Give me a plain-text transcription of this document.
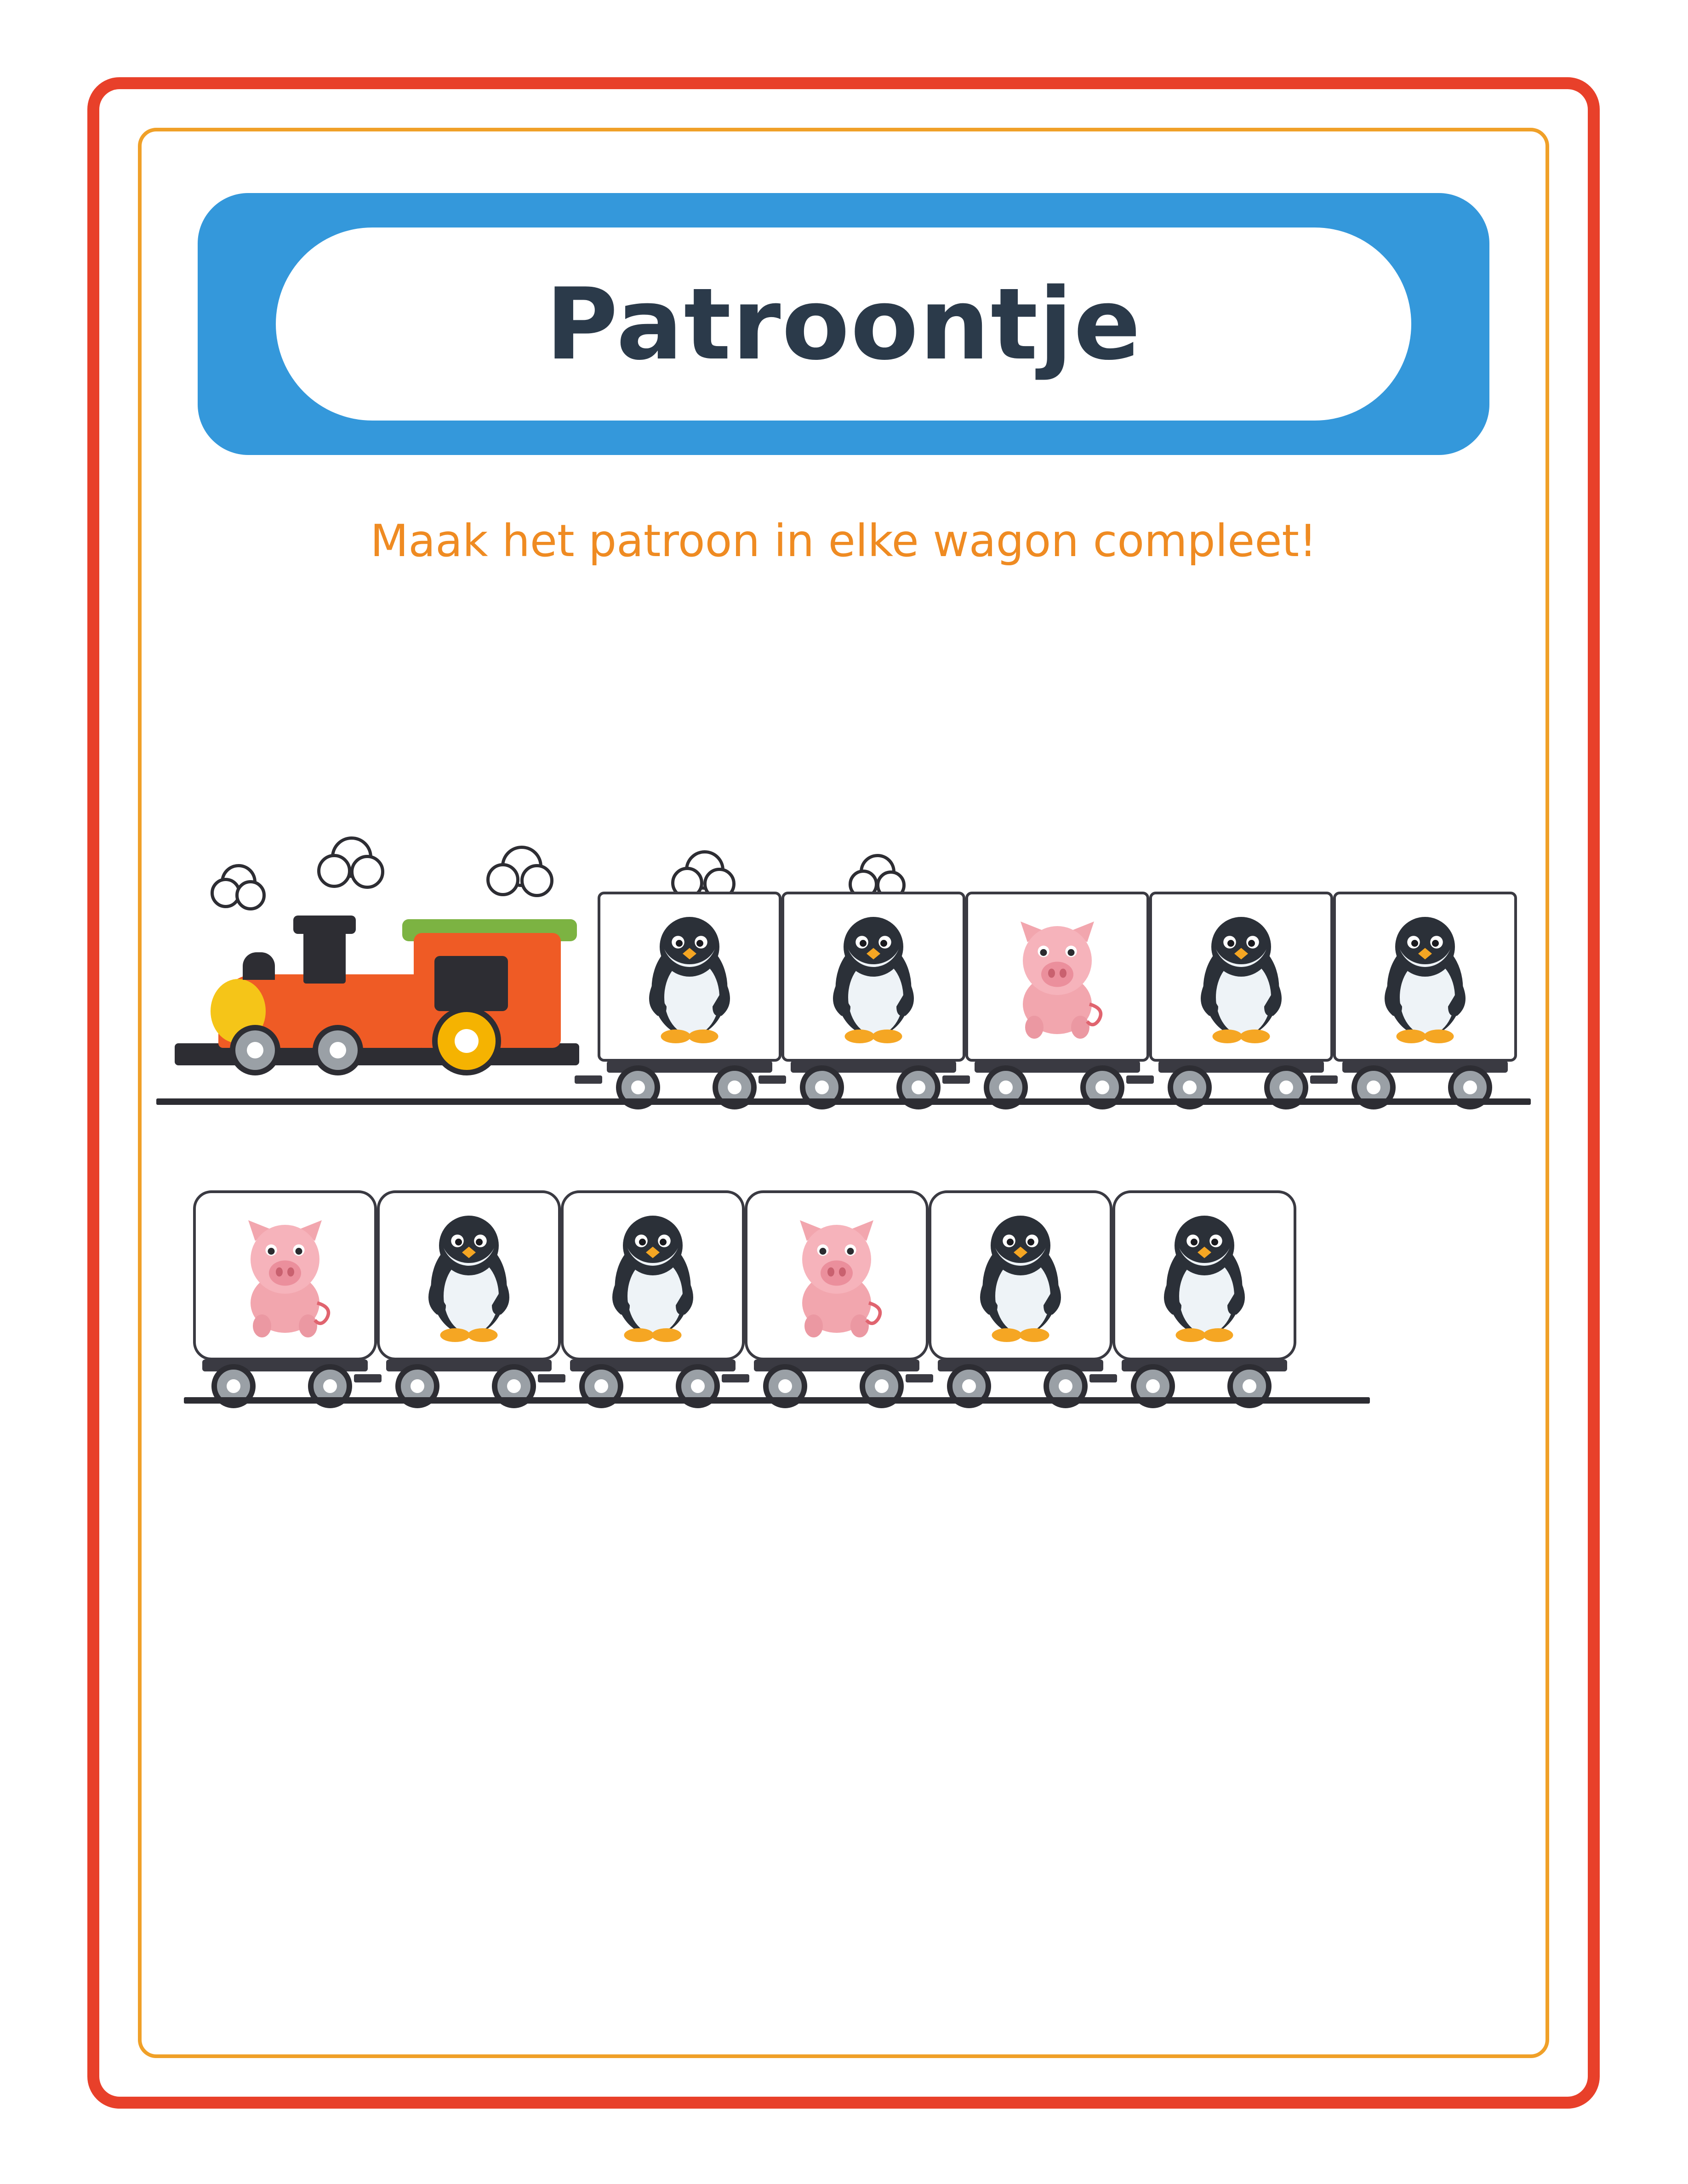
Patroontje
Maak het patroon in elke wagon compleet!
